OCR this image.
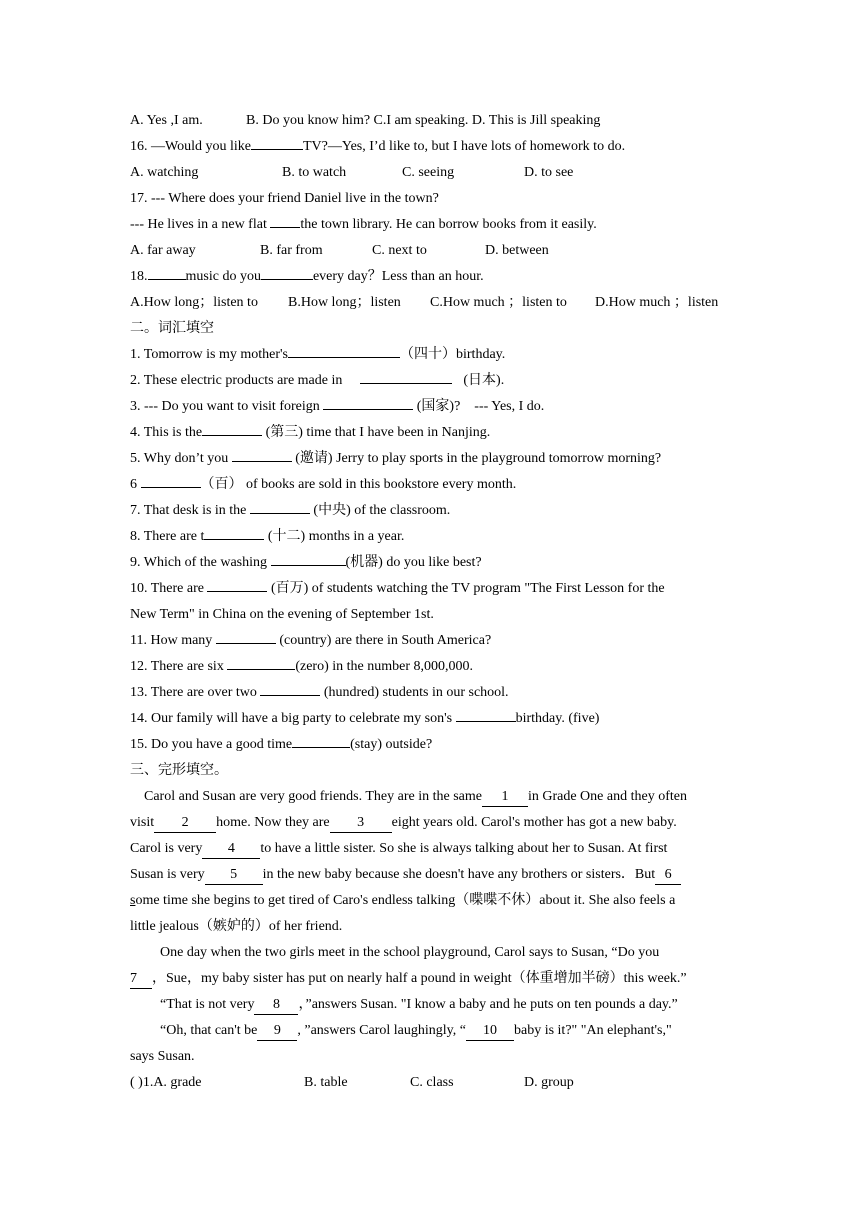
A. Yes ,I am.	B. Do you know him? C.I am speaking. D. This is Jill speaking
16. —Would you like	TV?—Yes, I’d like to, but I have lots of homework to do.
A. watching	B. to watch	C. seeing	D. to see
17. --- Where does your friend Daniel live in the town?
--- He lives in a new flat the town library. He can borrow books from it easily.
A. far away	B. far from	C. next to	D. between
18.	music do you	every day？Less than an hour.
A.How long；listen to B.How long；listen C.How much ；listen to D.How much ；listen
二。词汇填空
1. Tomorrow is my mother's	（四十）birthday.
2. These electric products are made in	(日本).
3. --- Do you want to visit foreign	(国家)? --- Yes, I do.
4. This is the	(第三) time that I have been in Nanjing.
5. Why don’t you	(邀请) Jerry to play sports in the playground tomorrow morning?
6	（百） of books are sold in this bookstore every month.
7. That desk is in the	(中央) of the classroom.
8. There are t	(十二) months in a year.
9. Which of the washing	(机器) do you like best?
10. There are	(百万) of students watching the TV program "The First Lesson for the
New Term" in China on the evening of September 1st.
11. How many	(country) are there in South America?
12. There are six	(zero) in the number 8,000,000.
13. There are over two	(hundred) students in our school.
14. Our family will have a big party to celebrate my son's	birthday. (five)
15. Do you have a good time	(stay) outside?
三、完形填空。
Carol and Susan are very good friends. They are in the same 1 in Grade One and they often
visit 2 home. Now they are 3 eight years old. Carol's mother has got a new baby.
Carol is very 4 to have a little sister. So she is always talking about her to Susan. At first
Susan is very 5 in the new baby because she doesn't have any brothers or sisters．But 6
some time she begins to get tired of Caro's endless talking（喋喋不休）about it. She also feels a
little jealous（嫉妒的）of her friend.
One day when the two girls meet in the school playground, Carol says to Susan, “Do you
7 ，Sue，my baby sister has put on nearly half a pound in weight（体重增加半磅）this week.”
“That is not very 8 ，”answers Susan. "I know a baby and he puts on ten pounds a day.”
“Oh, that can't be 9 , ”answers Carol laughingly, “ 10 baby is it?" "An elephant's,"
says Susan.
( )1.A. grade	B. table	C. class	D. group
